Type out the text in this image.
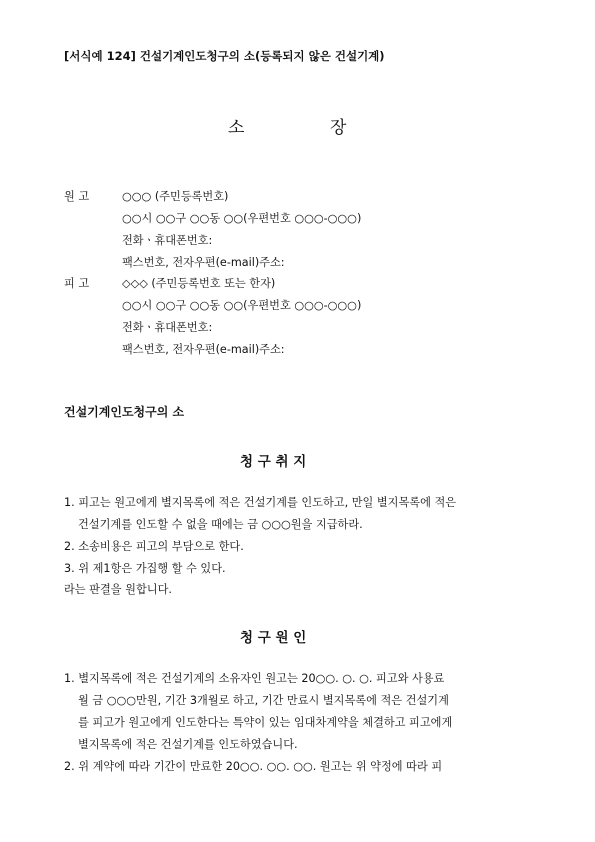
[서식예 124] 건설기계인도청구의 소(등록되지 않은 건설기계)
소	장
원 고	○○○ (주민등록번호)
○○시 ○○구 ○○동 ○○(우편번호 ○○○-○○○)
전화ㆍ휴대폰번호:
팩스번호, 전자우편(e-mail)주소:
피 고	◇◇◇ (주민등록번호 또는 한자)
○○시 ○○구 ○○동 ○○(우편번호 ○○○-○○○)
전화ㆍ휴대폰번호:
팩스번호, 전자우편(e-mail)주소:
건설기계인도청구의 소
청 구 취 지
1. 피고는 원고에게 별지목록에 적은 건설기계를 인도하고, 만일 별지목록에 적은
건설기계를 인도할 수 없을 때에는 금 ○○○원을 지급하라.
2. 소송비용은 피고의 부담으로 한다.
3. 위 제1항은 가집행 할 수 있다.
라는 판결을 원합니다.
청 구 원 인
1. 별지목록에 적은 건설기계의 소유자인 원고는 20○○. ○. ○. 피고와 사용료
월 금 ○○○만원, 기간 3개월로 하고, 기간 만료시 별지목록에 적은 건설기계
를 피고가 원고에게 인도한다는 특약이 있는 임대차계약을 체결하고 피고에게
별지목록에 적은 건설기계를 인도하였습니다.
2. 위 계약에 따라 기간이 만료한 20○○. ○○. ○○. 원고는 위 약정에 따라 피
